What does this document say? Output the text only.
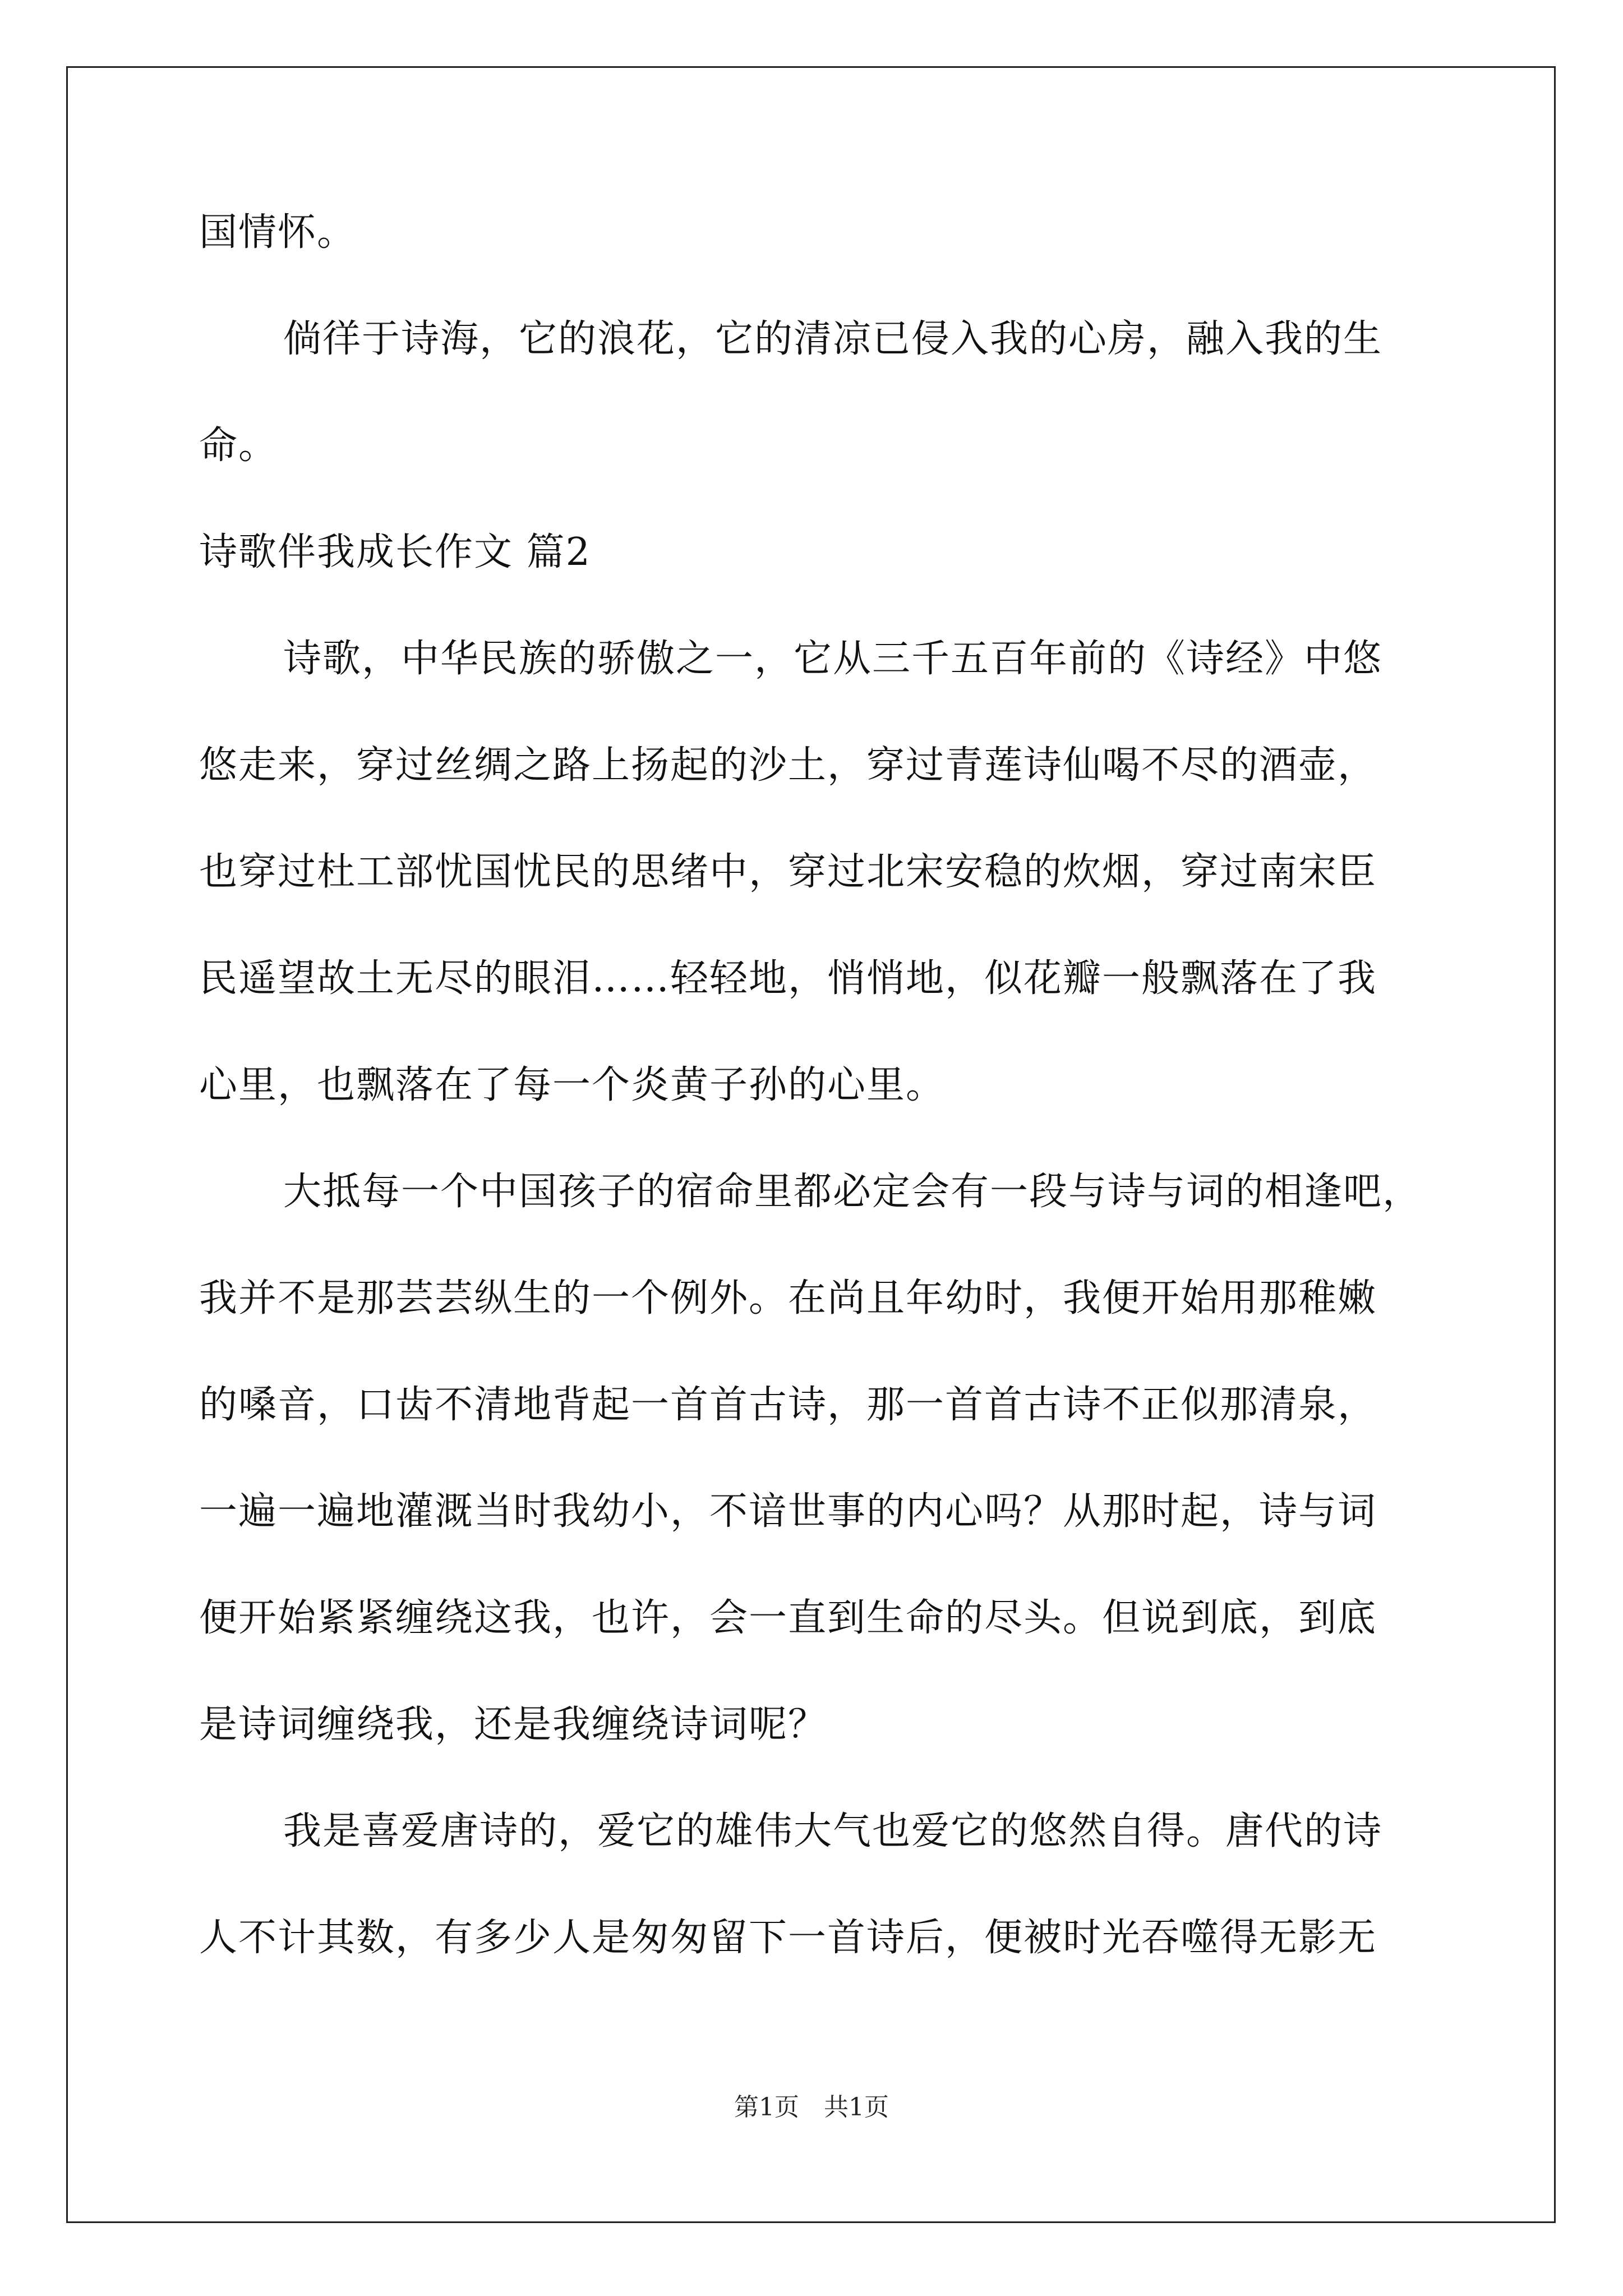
国情怀。
倘徉于诗海，它的浪花，它的清凉已侵入我的心房，融入我的生
命。
诗歌伴我成长作文 篇2
诗歌，中华民族的骄傲之一，它从三千五百年前的《诗经》中悠
悠走来，穿过丝绸之路上扬起的沙土，穿过青莲诗仙喝不尽的酒壶，
也穿过杜工部忧国忧民的思绪中，穿过北宋安稳的炊烟，穿过南宋臣
民遥望故土无尽的眼泪……轻轻地，悄悄地，似花瓣一般飘落在了我
心里，也飘落在了每一个炎黄子孙的心里。
大抵每一个中国孩子的宿命里都必定会有一段与诗与词的相逢吧，
我并不是那芸芸纵生的一个例外。在尚且年幼时，我便开始用那稚嫩
的嗓音，口齿不清地背起一首首古诗，那一首首古诗不正似那清泉，
一遍一遍地灌溉当时我幼小，不谙世事的内心吗？从那时起，诗与词
便开始紧紧缠绕这我，也许，会一直到生命的尽头。但说到底，到底
是诗词缠绕我，还是我缠绕诗词呢？
我是喜爱唐诗的，爱它的雄伟大气也爱它的悠然自得。唐代的诗
人不计其数，有多少人是匆匆留下一首诗后，便被时光吞噬得无影无
第1页　共1页
